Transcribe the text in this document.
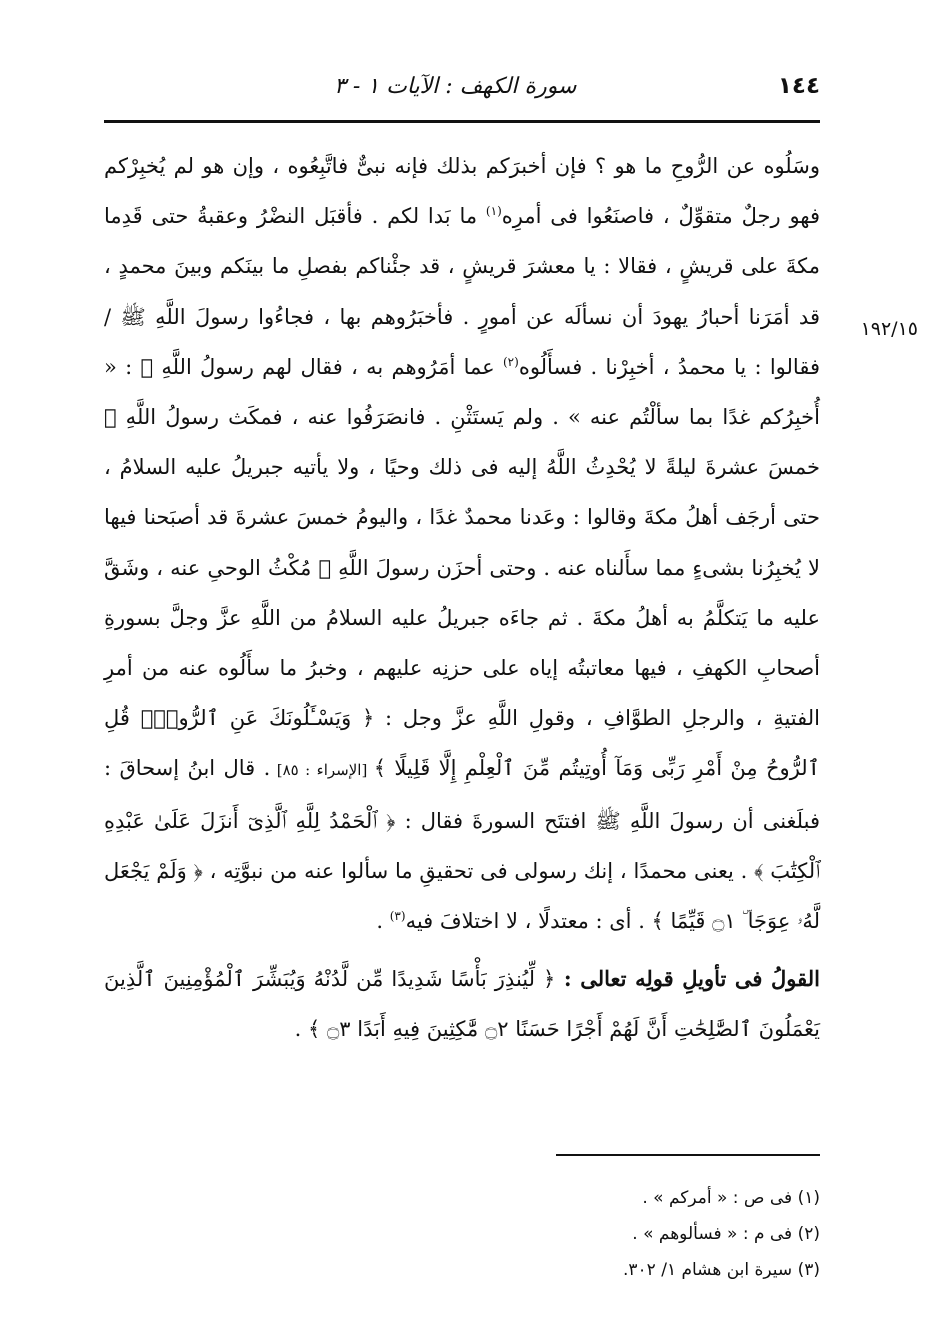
١٤٤
سورة الكهف : الآيات ١ - ٣
١٩٢/١٥

وسَلُوه عن الرُّوحِ ما هو ؟ فإن أخبرَكم بذلك فإنه نبىٌّ فاتَّبِعُوه ، وإن هو لم يُخبِرْكم فهو رجلٌ متقوِّلٌ ، فاصنَعُوا فى أمرِه$^{(١)}$ ما بَدا لكم . فأقبَل النضْرُ وعقبةُ حتى قَدِما مكةَ على قريشٍ ، فقالا : يا معشرَ قريشٍ ، قد جئْناكم بفصلِ ما بينَكم وبينَ محمدٍ ، قد أمَرَنا أحبارُ يهودَ أن نسألَه عن أمورٍ . فأخبَرُوهم بها ، فجاءُوا رسولَ اللَّهِ ﷺ /فقالوا : يا محمدُ ، أخبِرْنا . فسأَلُوه$^{(٢)}$ عما أمَرُوهم به ، فقال لهم رسولُ اللَّهِ ﷺ : « أُخبِرُكم غدًا بما سألْتُم عنه » . ولم يَستَثْنِ . فانصَرَفُوا عنه ، فمكَث رسولُ اللَّهِ ﷺ خمسَ عشرةَ ليلةً لا يُحْدِثُ اللَّهُ إليه فى ذلك وحيًا ، ولا يأتيه جبريلُ عليه السلامُ ، حتى أرجَف أهلُ مكةَ وقالوا : وعَدنا محمدٌ غدًا ، واليومُ خمسَ عشرةَ قد أصبَحنا فيها لا يُخبِرُنا بشىءٍ مما سأَلناه عنه . وحتى أحزَن رسولَ اللَّهِ ﷺ مُكْثُ الوحىِ عنه ، وشَقَّ عليه ما يَتكلَّمُ به أهلُ مكةَ . ثم جاءَه جبريلُ عليه السلامُ من اللَّهِ عزَّ وجلَّ بسورةِ أصحابِ الكهفِ ، فيها معاتبتُه إياه على حزنِه عليهم ، وخبرُ ما سأَلُوه عنه من أمرِ الفتيةِ ، والرجلِ الطوَّافِ ، وقولِ اللَّهِ عزَّ وجل : ﴿ وَيَسْـَٔلُونَكَ عَنِ ٱلرُّوحِۖ قُلِ ٱلرُّوحُ مِنْ أَمْرِ رَبِّى وَمَآ أُوتِيتُم مِّنَ ٱلْعِلْمِ إِلَّا قَلِيلًا ﴾ [الإسراء : ٨٥] . قال ابنُ إسحاقَ : فبلَغنى أن رسولَ اللَّهِ ﷺ افتتَح السورةَ فقال : ﴿ ٱلْحَمْدُ لِلَّهِ ٱلَّذِىٓ أَنزَلَ عَلَىٰ عَبْدِهِ ٱلْكِتَٰبَ ﴾ . يعنى محمدًا ، إنك رسولى فى تحقيقِ ما سألوا عنه من نبوَّتِه ، ﴿ وَلَمْ يَجْعَل لَّهُۥ عِوَجَا ۜ ۝١ قَيِّمًا ﴾ . أى : معتدلًا ، لا اختلافَ فيه$^{(٣)}$ .

القولُ فى تأويلِ قولِه تعالى : ﴿ لِّيُنذِرَ بَأْسًا شَدِيدًا مِّن لَّدُنْهُ وَيُبَشِّرَ ٱلْمُؤْمِنِينَ ٱلَّذِينَ يَعْمَلُونَ ٱلصَّٰلِحَٰتِ أَنَّ لَهُمْ أَجْرًا حَسَنًا ۝٢ مَّٰكِثِينَ فِيهِ أَبَدًا ۝٣ ﴾ .

(١) فى ص : « أمركم » .
(٢) فى م : « فسألوهم » .
(٣) سيرة ابن هشام ١/ ٣٠٢.
